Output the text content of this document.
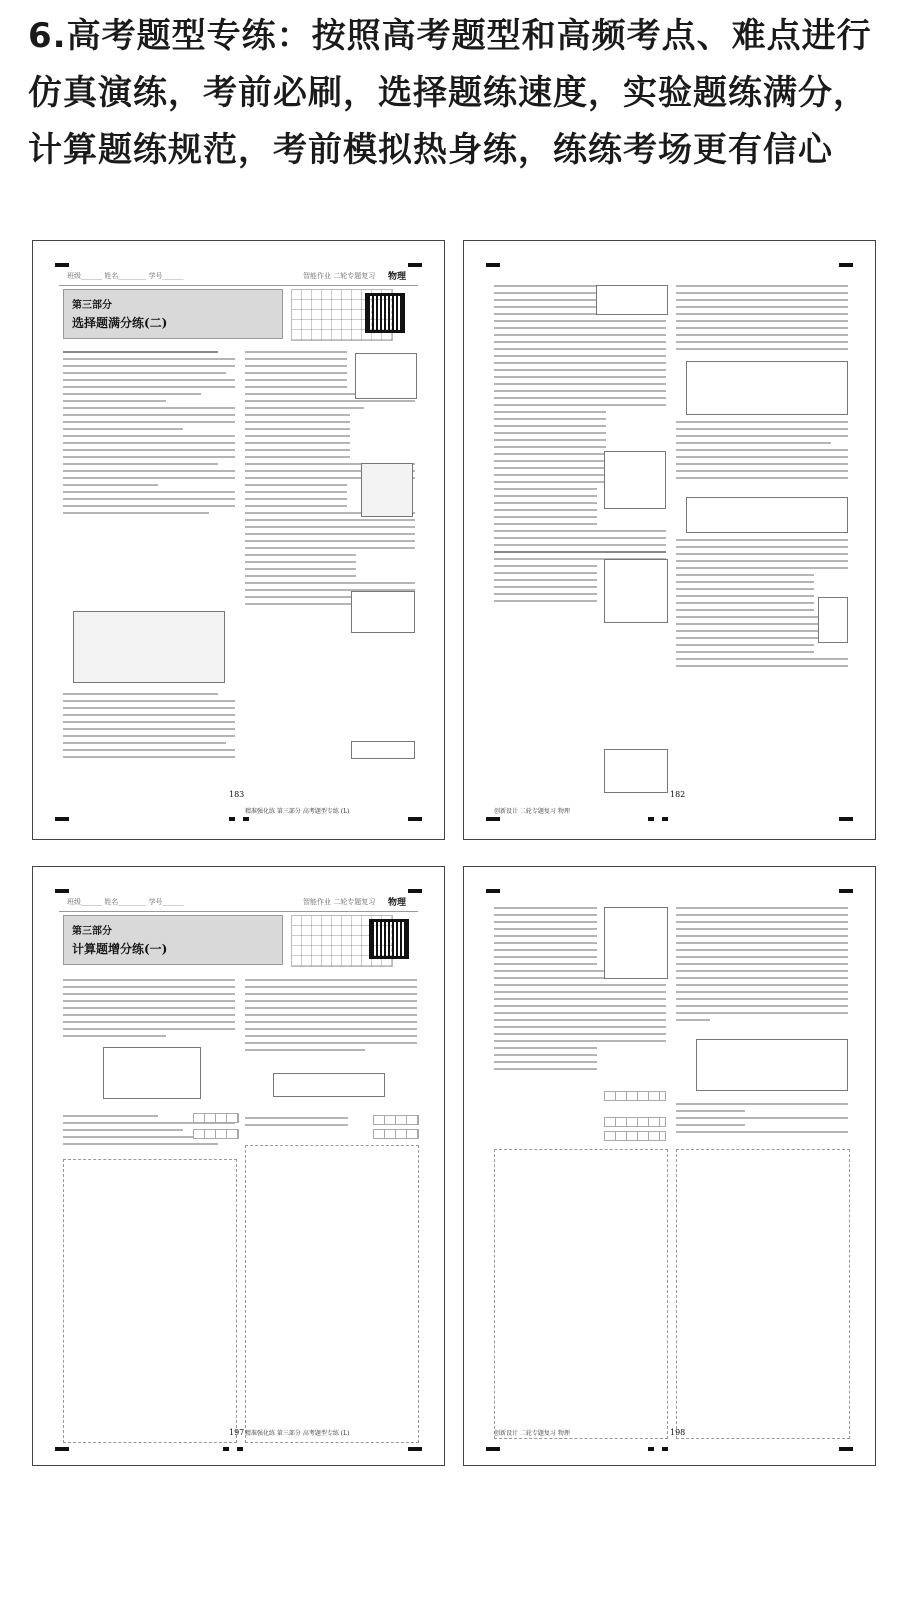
6.高考题型专练：按照高考题型和高频考点、难点进行仿真演练，考前必刷，选择题练速度，实验题练满分，计算题练规范，考前模拟热身练，练练考场更有信心
班级______ 姓名________ 学号______	智能作业 二轮专题复习 物理
第三部分
选择题满分练(二)
183
精准强化练 第三部分 高考题型专练 (L)
182
创新设计 二轮专题复习 物理
班级______ 姓名________ 学号______	智能作业 二轮专题复习 物理
第三部分
计算题增分练(一)
197 精准强化练 第三部分 高考题型专练 (L)	198
创新设计 二轮专题复习 物理
